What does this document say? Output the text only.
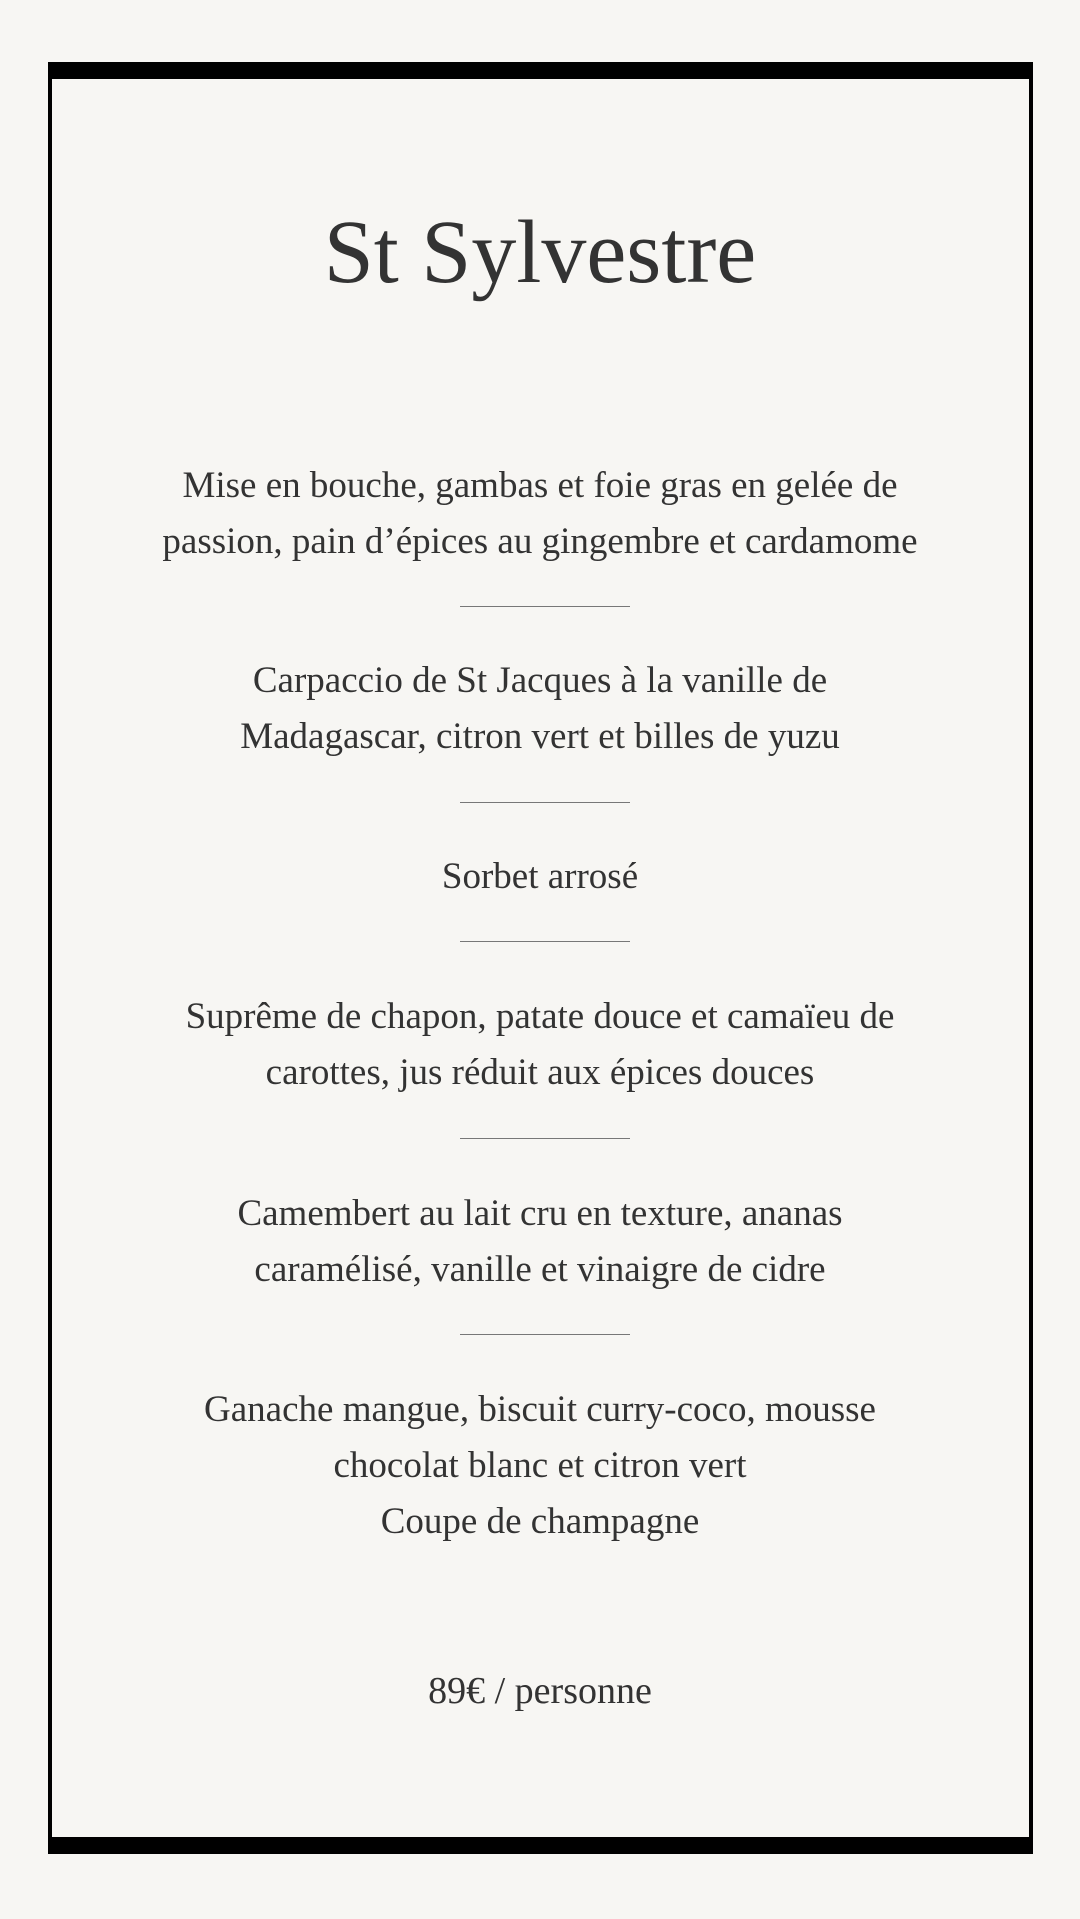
St Sylvestre
Mise en bouche, gambas et foie gras en gelée de
passion, pain d’épices au gingembre et cardamome
Carpaccio de St Jacques à la vanille de
Madagascar, citron vert et billes de yuzu
Sorbet arrosé
Suprême de chapon, patate douce et camaïeu de
carottes, jus réduit aux épices douces
Camembert au lait cru en texture, ananas
caramélisé, vanille et vinaigre de cidre
Ganache mangue, biscuit curry-coco, mousse
chocolat blanc et citron vert
Coupe de champagne
89€ / personne
